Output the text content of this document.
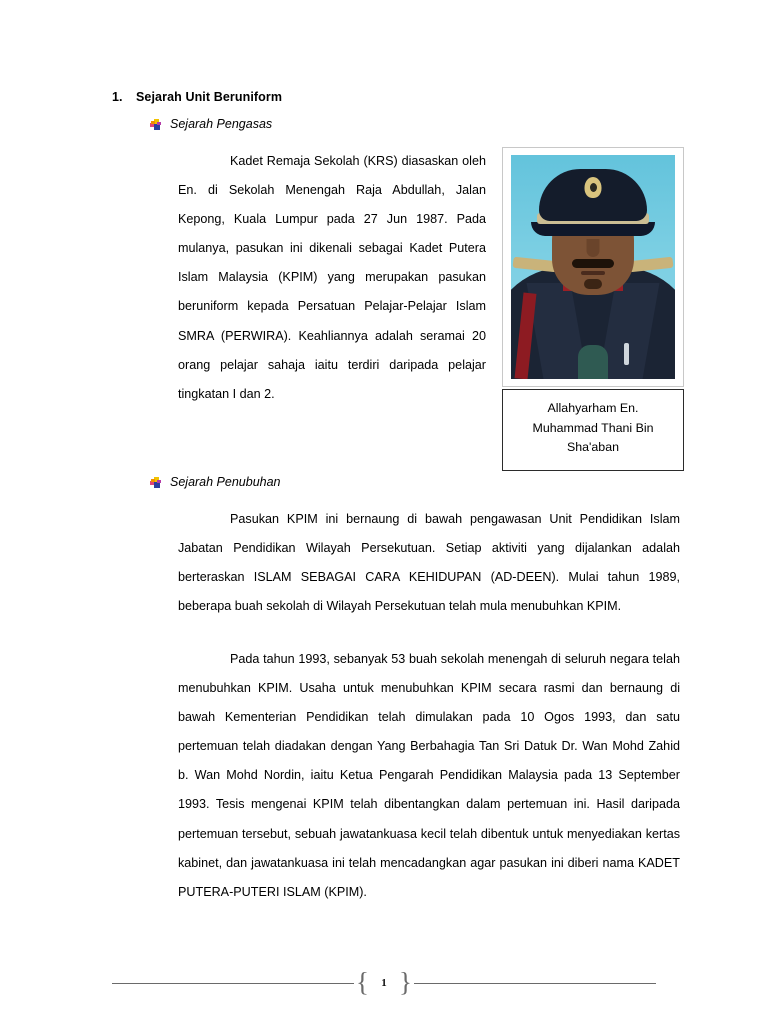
1. Sejarah Unit Beruniform
Sejarah Pengasas
Kadet Remaja Sekolah (KRS) diasaskan oleh En. di Sekolah Menengah Raja Abdullah, Jalan Kepong, Kuala Lumpur pada 27 Jun 1987. Pada mulanya, pasukan ini dikenali sebagai Kadet Putera Islam Malaysia (KPIM) yang merupakan pasukan beruniform kepada Persatuan Pelajar-Pelajar Islam SMRA (PERWIRA). Keahliannya adalah seramai 20 orang pelajar sahaja iaitu terdiri daripada pelajar tingkatan I dan 2.
Allahyarham En.
Muhammad Thani Bin
Sha'aban
Sejarah Penubuhan
Pasukan KPIM ini bernaung di bawah pengawasan Unit Pendidikan Islam Jabatan Pendidikan Wilayah Persekutuan. Setiap aktiviti yang dijalankan adalah berteraskan ISLAM SEBAGAI CARA KEHIDUPAN (AD-DEEN). Mulai tahun 1989, beberapa buah sekolah di Wilayah Persekutuan telah mula menubuhkan KPIM.
Pada tahun 1993, sebanyak 53 buah sekolah menengah di seluruh negara telah menubuhkan KPIM. Usaha untuk menubuhkan KPIM secara rasmi dan bernaung di bawah Kementerian Pendidikan telah dimulakan pada 10 Ogos 1993, dan satu pertemuan telah diadakan dengan Yang Berbahagia Tan Sri Datuk Dr. Wan Mohd Zahid b. Wan Mohd Nordin, iaitu Ketua Pengarah Pendidikan Malaysia pada 13 September 1993. Tesis mengenai KPIM telah dibentangkan dalam pertemuan ini. Hasil daripada pertemuan tersebut, sebuah jawatankuasa kecil telah dibentuk untuk menyediakan kertas kabinet, dan jawatankuasa ini telah mencadangkan agar pasukan ini diberi nama KADET PUTERA-PUTERI ISLAM (KPIM).
{	1 }
